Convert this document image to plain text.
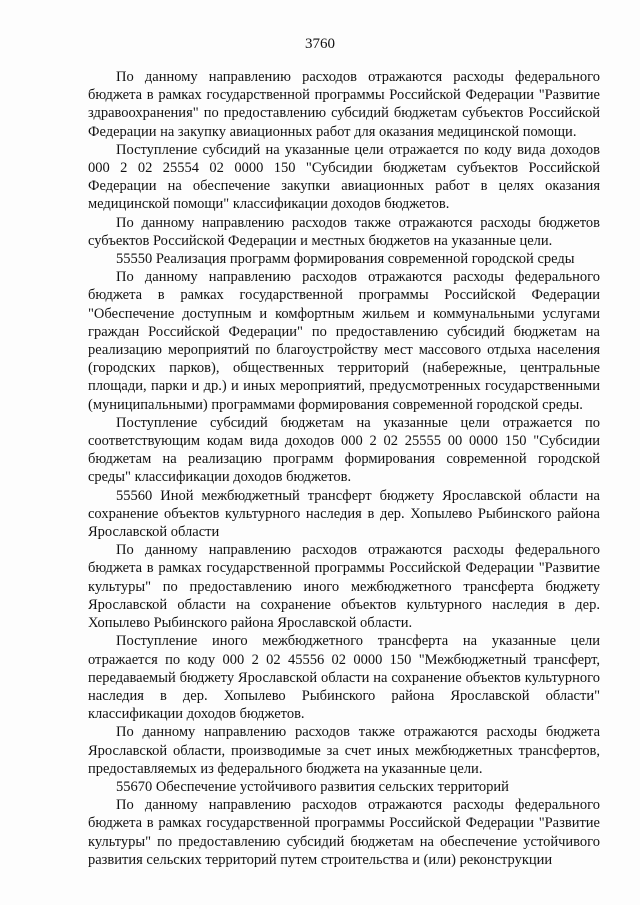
3760

По данному направлению расходов отражаются расходы федерального бюджета в рамках государственной программы Российской Федерации "Развитие здравоохранения" по предоставлению субсидий бюджетам субъектов Российской Федерации на закупку авиационных работ для оказания медицинской помощи.

Поступление субсидий на указанные цели отражается по коду вида доходов 000 2 02 25554 02 0000 150 "Субсидии бюджетам субъектов Российской Федерации на обеспечение закупки авиационных работ в целях оказания медицинской помощи" классификации доходов бюджетов.

По данному направлению расходов также отражаются расходы бюджетов субъектов Российской Федерации и местных бюджетов на указанные цели.

55550 Реализация программ формирования современной городской среды

По данному направлению расходов отражаются расходы федерального бюджета в рамках государственной программы Российской Федерации "Обеспечение доступным и комфортным жильем и коммунальными услугами граждан Российской Федерации" по предоставлению субсидий бюджетам на реализацию мероприятий по благоустройству мест массового отдыха населения (городских парков), общественных территорий (набережные, центральные площади, парки и др.) и иных мероприятий, предусмотренных государственными (муниципальными) программами формирования современной городской среды.

Поступление субсидий бюджетам на указанные цели отражается по соответствующим кодам вида доходов 000 2 02 25555 00 0000 150 "Субсидии бюджетам на реализацию программ формирования современной городской среды" классификации доходов бюджетов.

55560 Иной межбюджетный трансферт бюджету Ярославской области на сохранение объектов культурного наследия в дер. Хопылево Рыбинского района Ярославской области

По данному направлению расходов отражаются расходы федерального бюджета в рамках государственной программы Российской Федерации "Развитие культуры" по предоставлению иного межбюджетного трансферта бюджету Ярославской области на сохранение объектов культурного наследия в дер. Хопылево Рыбинского района Ярославской области.

Поступление иного межбюджетного трансферта на указанные цели отражается по коду 000 2 02 45556 02 0000 150 "Межбюджетный трансферт, передаваемый бюджету Ярославской области на сохранение объектов культурного наследия в дер. Хопылево Рыбинского района Ярославской области" классификации доходов бюджетов.

По данному направлению расходов также отражаются расходы бюджета Ярославской области, производимые за счет иных межбюджетных трансфертов, предоставляемых из федерального бюджета на указанные цели.

55670 Обеспечение устойчивого развития сельских территорий

По данному направлению расходов отражаются расходы федерального бюджета в рамках государственной программы Российской Федерации "Развитие культуры" по предоставлению субсидий бюджетам на обеспечение устойчивого развития сельских территорий путем строительства и (или) реконструкции
